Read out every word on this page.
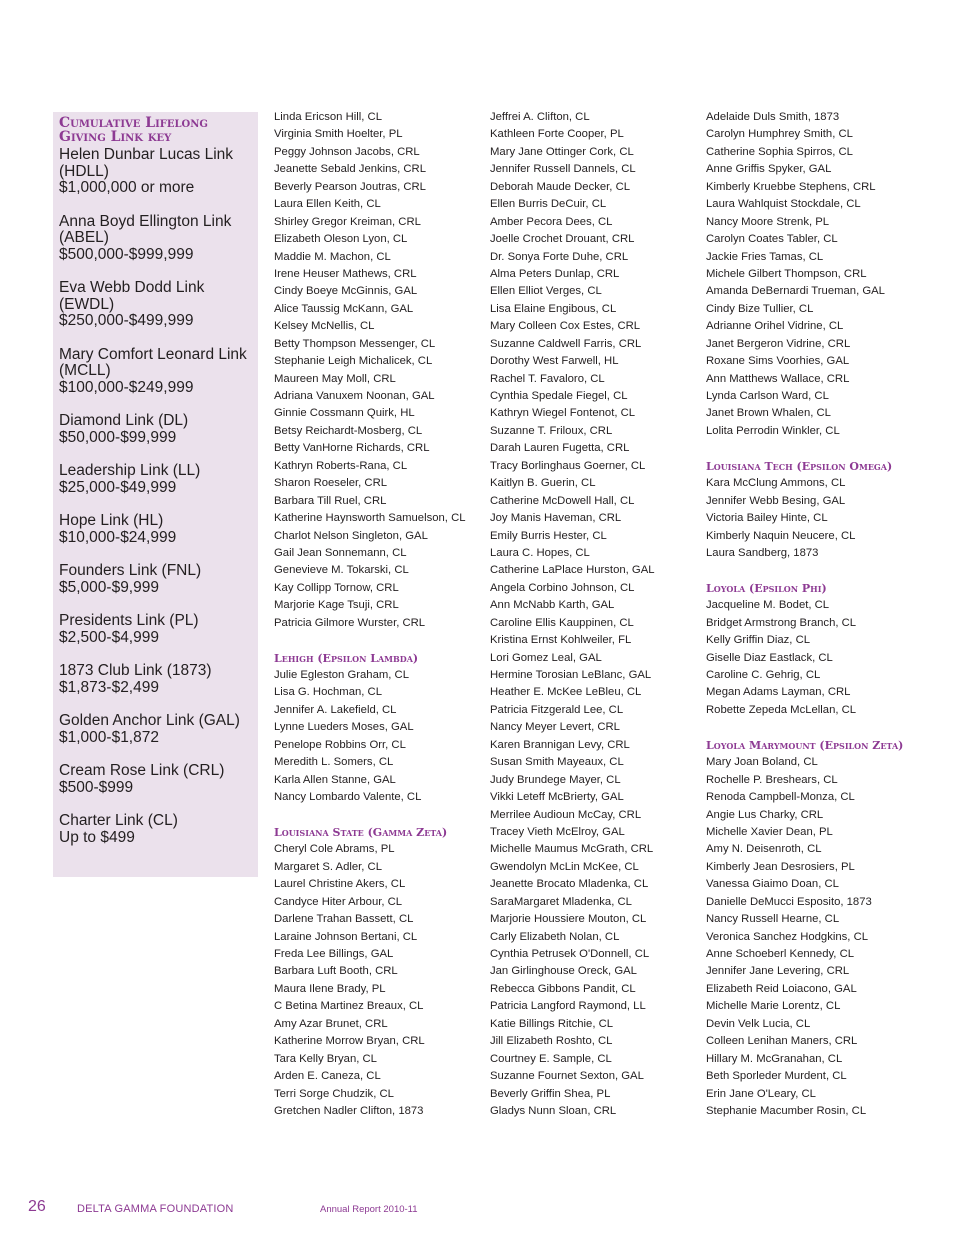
Cumulative Lifelong Giving Link key
Helen Dunbar Lucas Link
(HDLL)
$1,000,000 or more
Anna Boyd Ellington Link
(ABEL)
$500,000-$999,999
Eva Webb Dodd Link
(EWDL)
$250,000-$499,999
Mary Comfort Leonard Link
(MCLL)
$100,000-$249,999
Diamond Link (DL)
$50,000-$99,999
Leadership Link (LL)
$25,000-$49,999
Hope Link (HL)
$10,000-$24,999
Founders Link (FNL)
$5,000-$9,999
Presidents Link (PL)
$2,500-$4,999
1873 Club Link (1873)
$1,873-$2,499
Golden Anchor Link (GAL)
$1,000-$1,872
Cream Rose Link (CRL)
$500-$999
Charter Link (CL)
Up to $499
Linda Ericson Hill, CL
Virginia Smith Hoelter, PL
Peggy Johnson Jacobs, CRL
Jeanette Sebald Jenkins, CRL
Beverly Pearson Joutras, CRL
Laura Ellen Keith, CL
Shirley Gregor Kreiman, CRL
Elizabeth Oleson Lyon, CL
Maddie M. Machon, CL
Irene Heuser Mathews, CRL
Cindy Boeye McGinnis, GAL
Alice Taussig McKann, GAL
Kelsey McNellis, CL
Betty Thompson Messenger, CL
Stephanie Leigh Michalicek, CL
Maureen May Moll, CRL
Adriana Vanuxem Noonan, GAL
Ginnie Cossmann Quirk, HL
Betsy Reichardt-Mosberg, CL
Betty VanHorne Richards, CRL
Kathryn Roberts-Rana, CL
Sharon Roeseler, CRL
Barbara Till Ruel, CRL
Katherine Haynsworth Samuelson, CL
Charlot Nelson Singleton, GAL
Gail Jean Sonnemann, CL
Genevieve M. Tokarski, CL
Kay Collipp Tornow, CRL
Marjorie Kage Tsuji, CRL
Patricia Gilmore Wurster, CRL
Lehigh (Epsilon Lambda)
Julie Egleston Graham, CL
Lisa G. Hochman, CL
Jennifer A. Lakefield, CL
Lynne Lueders Moses, GAL
Penelope Robbins Orr, CL
Meredith L. Somers, CL
Karla Allen Stanne, GAL
Nancy Lombardo Valente, CL
Louisiana State (Gamma Zeta)
Cheryl Cole Abrams, PL
Margaret S. Adler, CL
Laurel Christine Akers, CL
Candyce Hiter Arbour, CL
Darlene Trahan Bassett, CL
Laraine Johnson Bertani, CL
Freda Lee Billings, GAL
Barbara Luft Booth, CRL
Maura Ilene Brady, PL
C Betina Martinez Breaux, CL
Amy Azar Brunet, CRL
Katherine Morrow Bryan, CRL
Tara Kelly Bryan, CL
Arden E. Caneza, CL
Terri Sorge Chudzik, CL
Gretchen Nadler Clifton, 1873
Jeffrei A. Clifton, CL
Kathleen Forte Cooper, PL
Mary Jane Ottinger Cork, CL
Jennifer Russell Dannels, CL
Deborah Maude Decker, CL
Ellen Burris DeCuir, CL
Amber Pecora Dees, CL
Joelle Crochet Drouant, CRL
Dr. Sonya Forte Duhe, CRL
Alma Peters Dunlap, CRL
Ellen Elliot Verges, CL
Lisa Elaine Engibous, CL
Mary Colleen Cox Estes, CRL
Suzanne Caldwell Farris, CRL
Dorothy West Farwell, HL
Rachel T. Favaloro, CL
Cynthia Spedale Fiegel, CL
Kathryn Wiegel Fontenot, CL
Suzanne T. Friloux, CRL
Darah Lauren Fugetta, CRL
Tracy Borlinghaus Goerner, CL
Kaitlyn B. Guerin, CL
Catherine McDowell Hall, CL
Joy Manis Haveman, CRL
Emily Burris Hester, CL
Laura C. Hopes, CL
Catherine LaPlace Hurston, GAL
Angela Corbino Johnson, CL
Ann McNabb Karth, GAL
Caroline Ellis Kauppinen, CL
Kristina Ernst Kohlweiler, FL
Lori Gomez Leal, GAL
Hermine Torosian LeBlanc, GAL
Heather E. McKee LeBleu, CL
Patricia Fitzgerald Lee, CL
Nancy Meyer Levert, CRL
Karen Brannigan Levy, CRL
Susan Smith Mayeaux, CL
Judy Brundege Mayer, CL
Vikki Leteff McBrierty, GAL
Merrilee Audioun McCay, CRL
Tracey Vieth McElroy, GAL
Michelle Maumus McGrath, CRL
Gwendolyn McLin McKee, CL
Jeanette Brocato Mladenka, CL
SaraMargaret Mladenka, CL
Marjorie Houssiere Mouton, CL
Carly Elizabeth Nolan, CL
Cynthia Petrusek O'Donnell, CL
Jan Girlinghouse Oreck, GAL
Rebecca Gibbons Pandit, CL
Patricia Langford Raymond, LL
Katie Billings Ritchie, CL
Jill Elizabeth Roshto, CL
Courtney E. Sample, CL
Suzanne Fournet Sexton, GAL
Beverly Griffin Shea, PL
Gladys Nunn Sloan, CRL
Adelaide Duls Smith, 1873
Carolyn Humphrey Smith, CL
Catherine Sophia Spirros, CL
Anne Griffis Spyker, GAL
Kimberly Kruebbe Stephens, CRL
Laura Wahlquist Stockdale, CL
Nancy Moore Strenk, PL
Carolyn Coates Tabler, CL
Jackie Fries Tamas, CL
Michele Gilbert Thompson, CRL
Amanda DeBernardi Trueman, GAL
Cindy Bize Tullier, CL
Adrianne Orihel Vidrine, CL
Janet Bergeron Vidrine, CRL
Roxane Sims Voorhies, GAL
Ann Matthews Wallace, CRL
Lynda Carlson Ward, CL
Janet Brown Whalen, CL
Lolita Perrodin Winkler, CL
Louisiana Tech (Epsilon Omega)
Kara McClung Ammons, CL
Jennifer Webb Besing, GAL
Victoria Bailey Hinte, CL
Kimberly Naquin Neucere, CL
Laura Sandberg, 1873
Loyola (Epsilon Phi)
Jacqueline M. Bodet, CL
Bridget Armstrong Branch, CL
Kelly Griffin Diaz, CL
Giselle Diaz Eastlack, CL
Caroline C. Gehrig, CL
Megan Adams Layman, CRL
Robette Zepeda McLellan, CL
Loyola Marymount (Epsilon Zeta)
Mary Joan Boland, CL
Rochelle P. Breshears, CL
Renoda Campbell-Monza, CL
Angie Lus Charky, CRL
Michelle Xavier Dean, PL
Amy N. Deisenroth, CL
Kimberly Jean Desrosiers, PL
Vanessa Giaimo Doan, CL
Danielle DeMucci Esposito, 1873
Nancy Russell Hearne, CL
Veronica Sanchez Hodgkins, CL
Anne Schoeberl Kennedy, CL
Jennifer Jane Levering, CRL
Elizabeth Reid Loiacono, GAL
Michelle Marie Lorentz, CL
Devin Velk Lucia, CL
Colleen Lenihan Maners, CRL
Hillary M. McGranahan, CL
Beth Sporleder Murdent, CL
Erin Jane O'Leary, CL
Stephanie Macumber Rosin, CL
26	DELTA GAMMA FOUNDATION	Annual Report 2010-11
